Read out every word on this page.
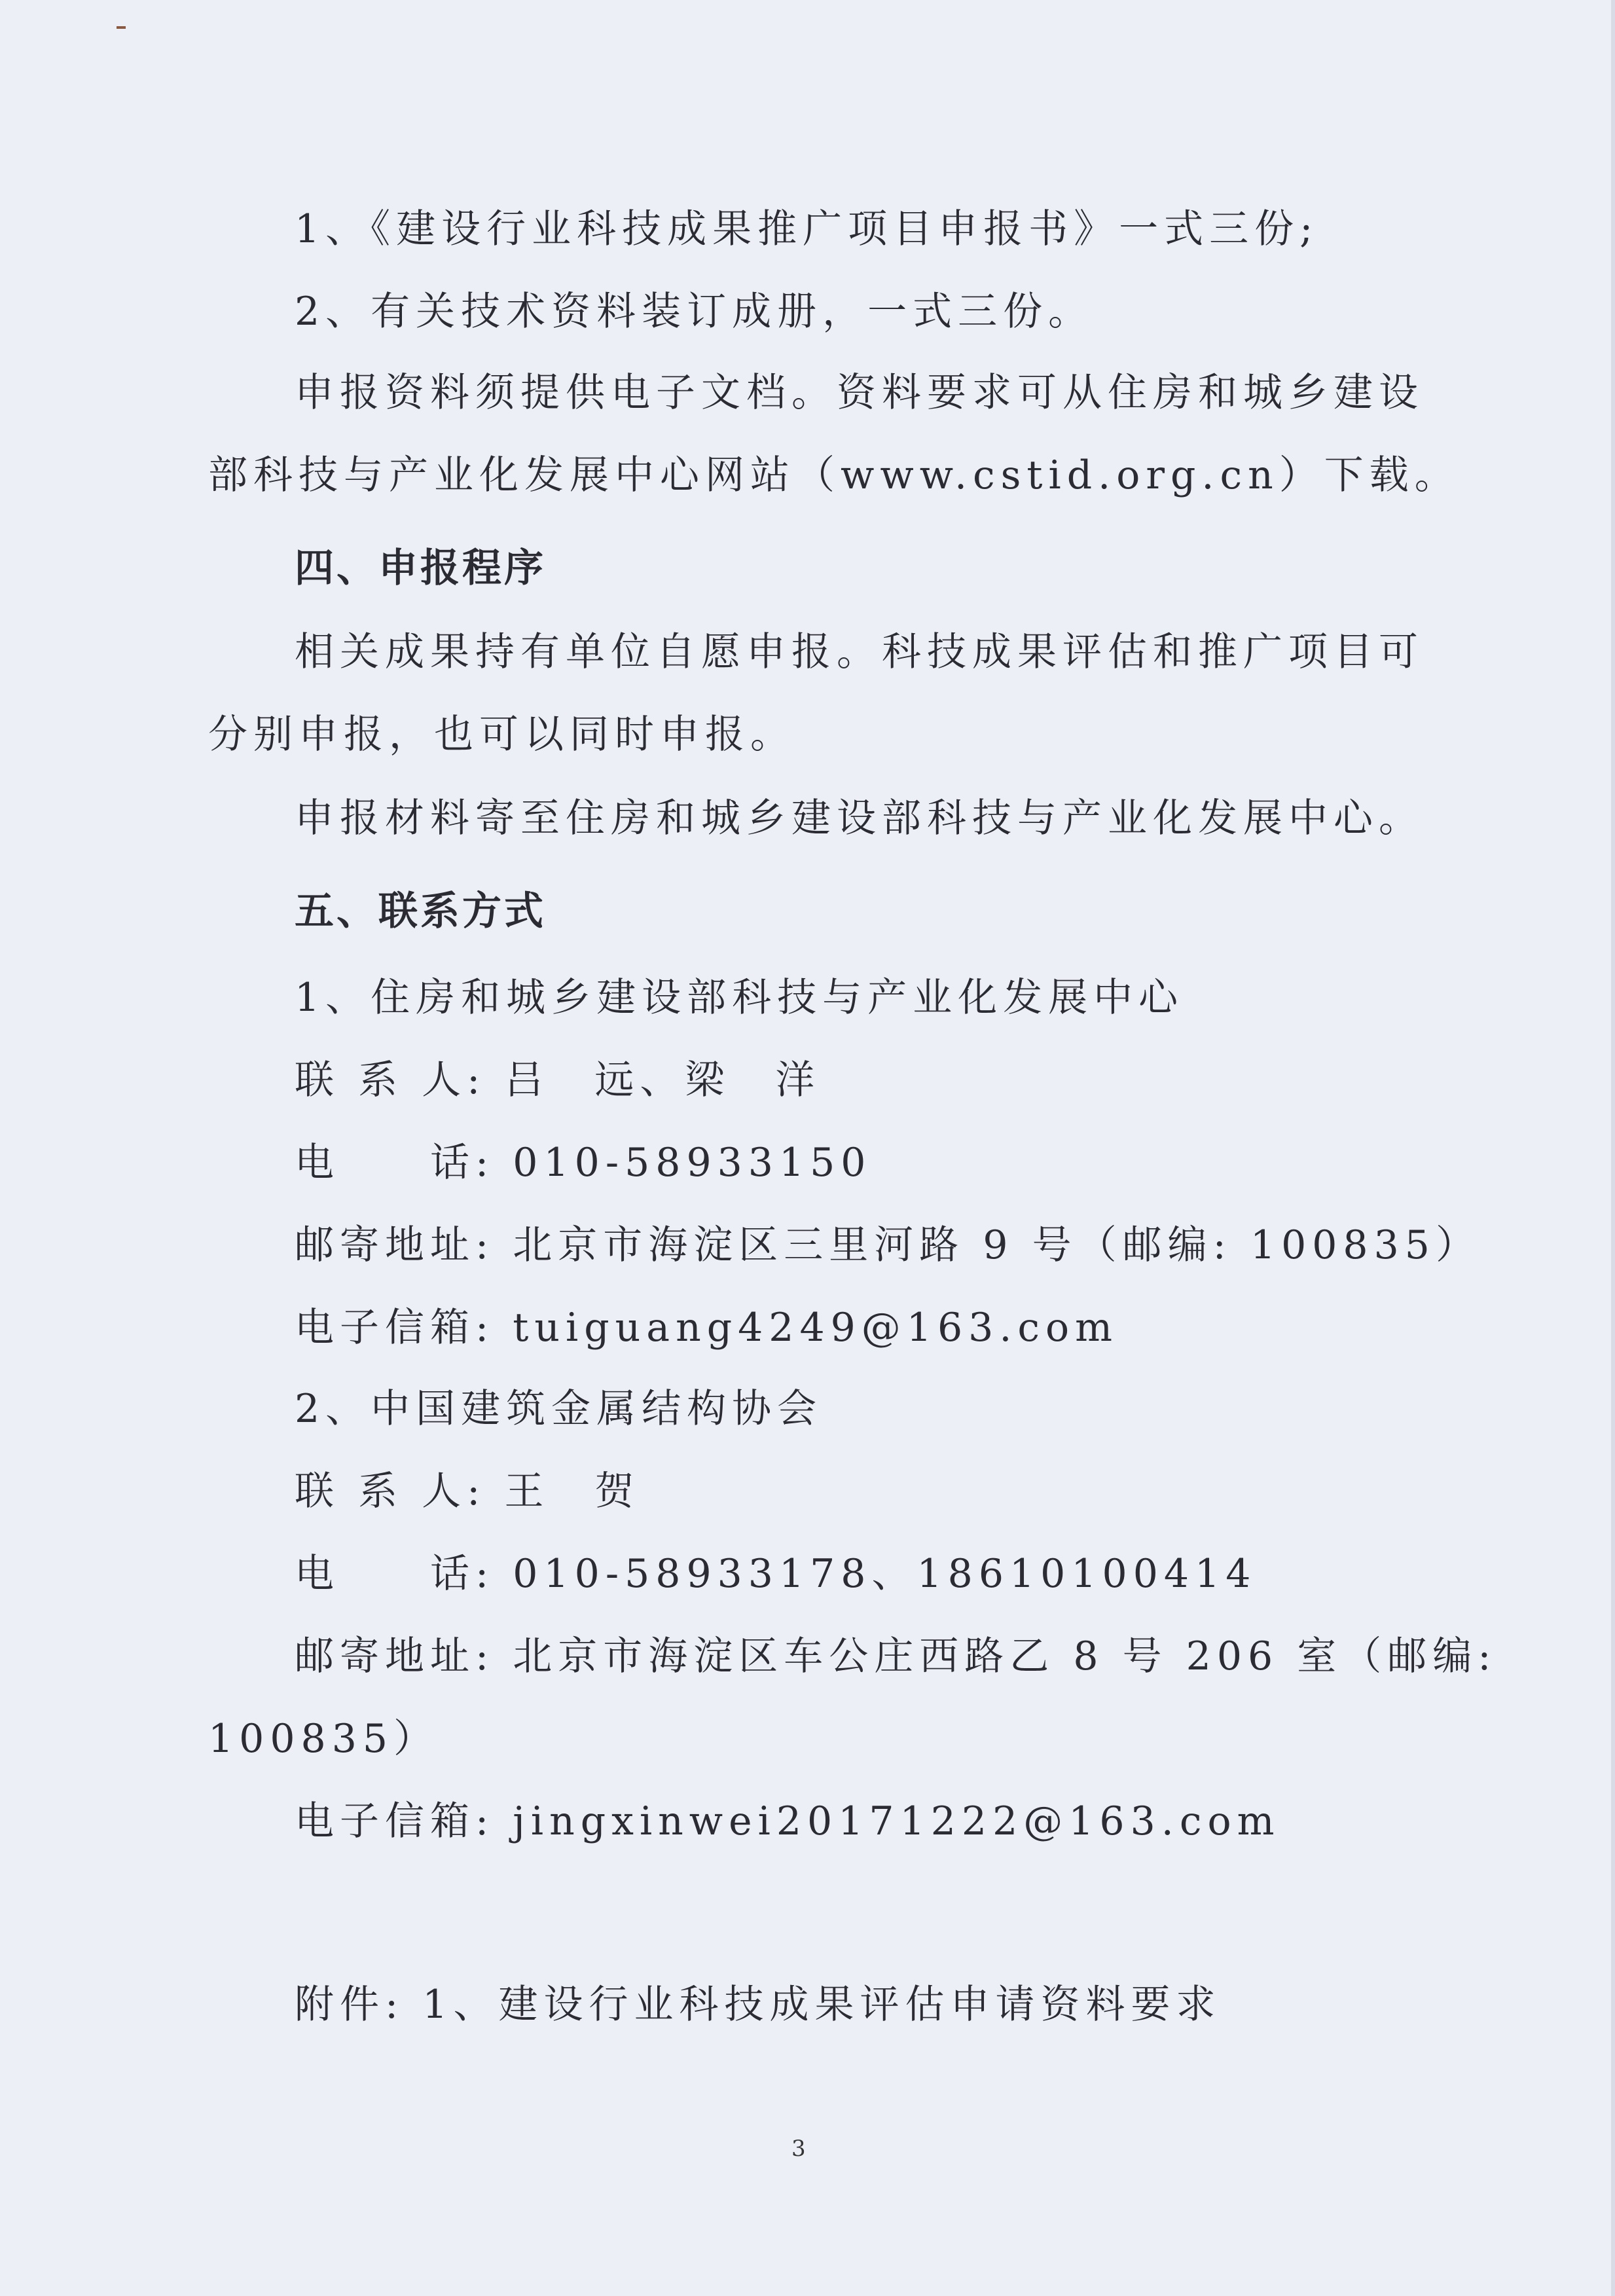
1、《建设行业科技成果推广项目申报书》一式三份;
2、有关技术资料装订成册，一式三份。
申报资料须提供电子文档。资料要求可从住房和城乡建设
部科技与产业化发展中心网站（www.cstid.org.cn）下载。
四、申报程序
相关成果持有单位自愿申报。科技成果评估和推广项目可
分别申报，也可以同时申报。
申报材料寄至住房和城乡建设部科技与产业化发展中心。
五、联系方式
1、住房和城乡建设部科技与产业化发展中心
联 系 人: 吕　远、梁　洋
电　　话: 010-58933150
邮寄地址: 北京市海淀区三里河路 9 号（邮编: 100835）
电子信箱: tuiguang4249@163.com
2、中国建筑金属结构协会
联 系 人: 王　贺
电　　话: 010-58933178、18610100414
邮寄地址: 北京市海淀区车公庄西路乙 8 号 206 室（邮编:
100835）
电子信箱: jingxinwei20171222@163.com
附件: 1、建设行业科技成果评估申请资料要求
3
